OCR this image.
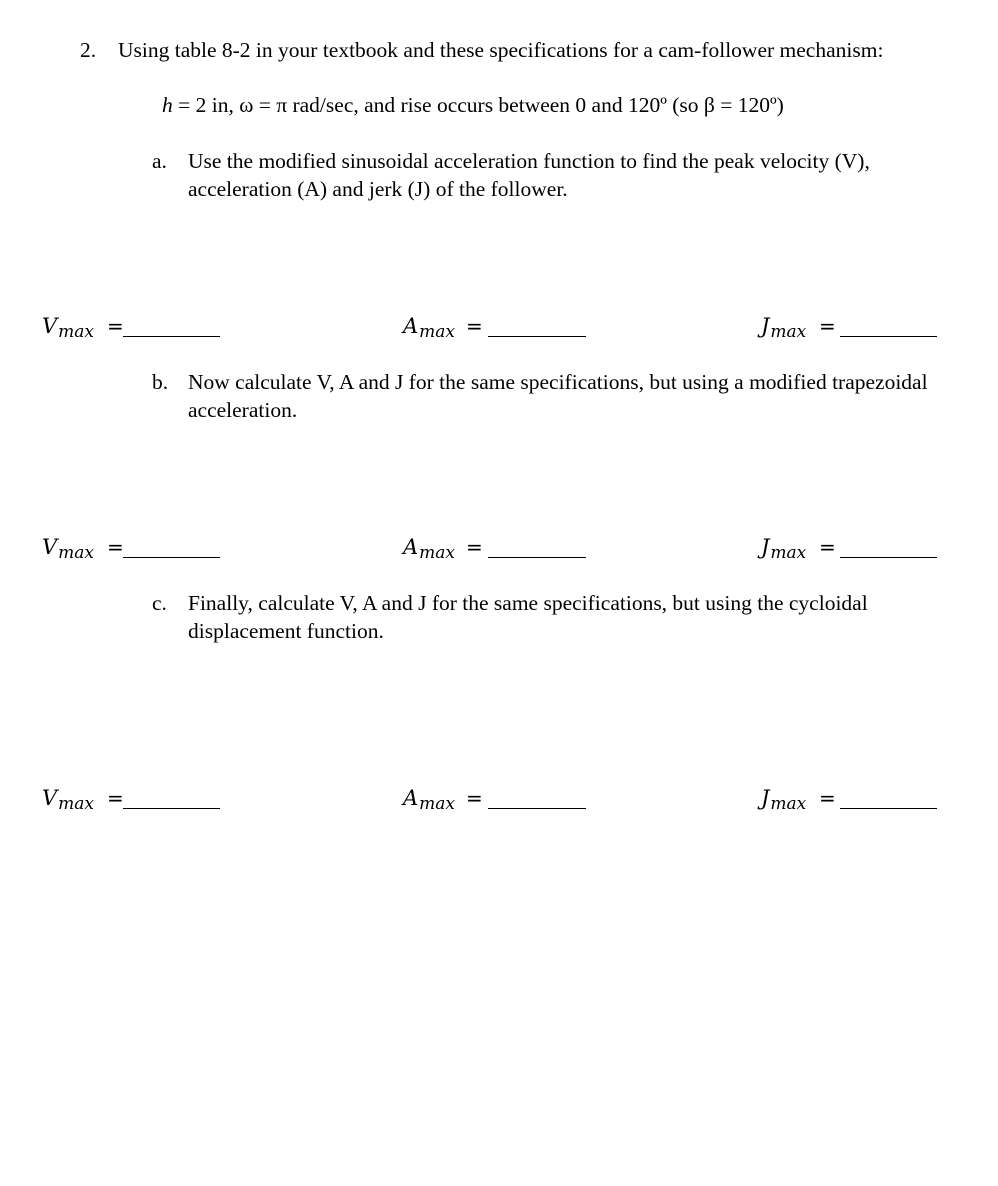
2. Using table 8-2 in your textbook and these specifications for a cam-follower mechanism:
h = 2 in, ω = π rad/sec, and rise occurs between 0 and 120º (so β = 120º)
a. Use the modified sinusoidal acceleration function to find the peak velocity (V), acceleration (A) and jerk (J) of the follower.
Vmax =	Amax =	Jmax =
b. Now calculate V, A and J for the same specifications, but using a modified trapezoidal acceleration.
Vmax =	Amax =	Jmax =
c. Finally, calculate V, A and J for the same specifications, but using the cycloidal displacement function.
Vmax =	Amax =	Jmax =
